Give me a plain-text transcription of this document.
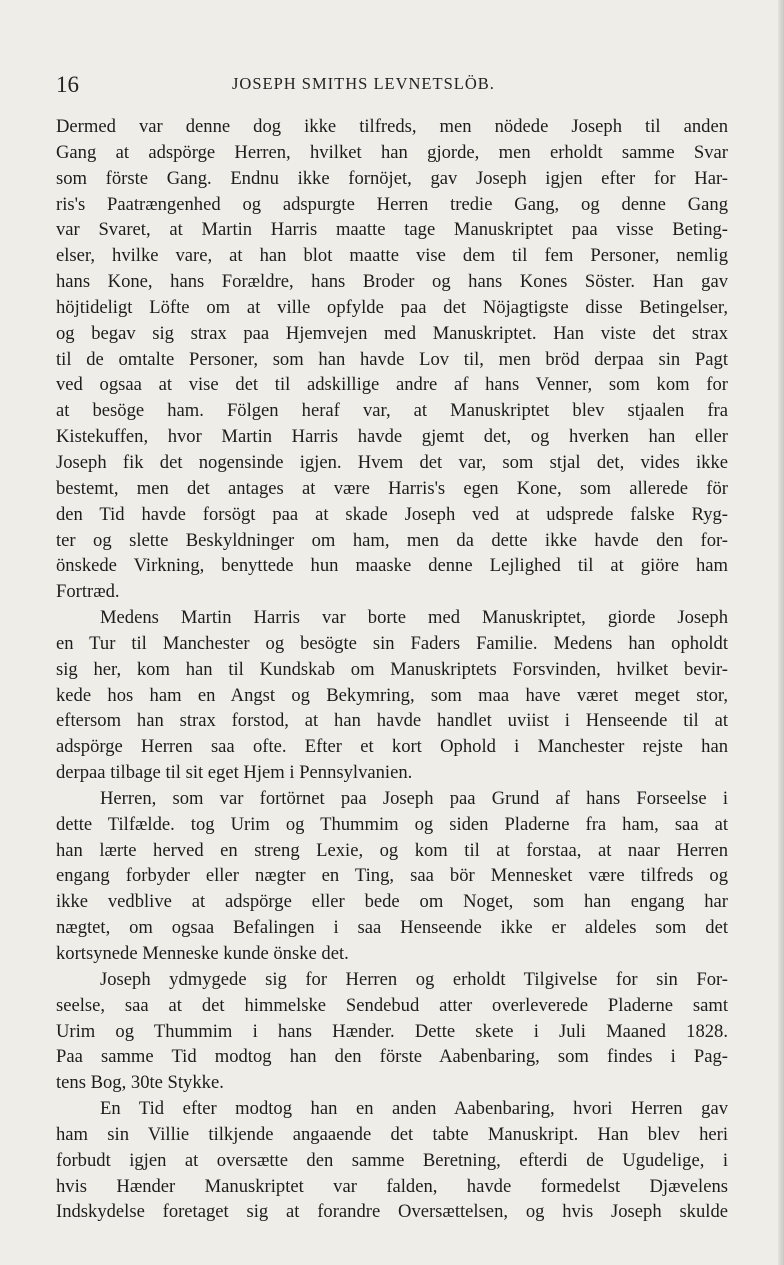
16	JOSEPH SMITHS LEVNETSLÖB.
Dermed var denne dog ikke tilfreds, men nödede Joseph til anden
Gang at adspörge Herren, hvilket han gjorde, men erholdt samme Svar
som förste Gang. Endnu ikke fornöjet, gav Joseph igjen efter for Har-
ris's Paatrængenhed og adspurgte Herren tredie Gang, og denne Gang
var Svaret, at Martin Harris maatte tage Manuskriptet paa visse Beting-
elser, hvilke vare, at han blot maatte vise dem til fem Personer, nemlig
hans Kone, hans Forældre, hans Broder og hans Kones Söster. Han gav
höjtideligt Löfte om at ville opfylde paa det Nöjagtigste disse Betingelser,
og begav sig strax paa Hjemvejen med Manuskriptet. Han viste det strax
til de omtalte Personer, som han havde Lov til, men bröd derpaa sin Pagt
ved ogsaa at vise det til adskillige andre af hans Venner, som kom for
at besöge ham. Fölgen heraf var, at Manuskriptet blev stjaalen fra
Kistekuffen, hvor Martin Harris havde gjemt det, og hverken han eller
Joseph fik det nogensinde igjen. Hvem det var, som stjal det, vides ikke
bestemt, men det antages at være Harris's egen Kone, som allerede för
den Tid havde forsögt paa at skade Joseph ved at udsprede falske Ryg-
ter og slette Beskyldninger om ham, men da dette ikke havde den for-
önskede Virkning, benyttede hun maaske denne Lejlighed til at giöre ham
Fortræd.
Medens Martin Harris var borte med Manuskriptet, giorde Joseph
en Tur til Manchester og besögte sin Faders Familie. Medens han opholdt
sig her, kom han til Kundskab om Manuskriptets Forsvinden, hvilket bevir-
kede hos ham en Angst og Bekymring, som maa have været meget stor,
eftersom han strax forstod, at han havde handlet uviist i Henseende til at
adspörge Herren saa ofte. Efter et kort Ophold i Manchester rejste han
derpaa tilbage til sit eget Hjem i Pennsylvanien.
Herren, som var fortörnet paa Joseph paa Grund af hans Forseelse i
dette Tilfælde. tog Urim og Thummim og siden Pladerne fra ham, saa at
han lærte herved en streng Lexie, og kom til at forstaa, at naar Herren
engang forbyder eller nægter en Ting, saa bör Mennesket være tilfreds og
ikke vedblive at adspörge eller bede om Noget, som han engang har
nægtet, om ogsaa Befalingen i saa Henseende ikke er aldeles som det
kortsynede Menneske kunde önske det.
Joseph ydmygede sig for Herren og erholdt Tilgivelse for sin For-
seelse, saa at det himmelske Sendebud atter overleverede Pladerne samt
Urim og Thummim i hans Hænder. Dette skete i Juli Maaned 1828.
Paa samme Tid modtog han den förste Aabenbaring, som findes i Pag-
tens Bog, 30te Stykke.
En Tid efter modtog han en anden Aabenbaring, hvori Herren gav
ham sin Villie tilkjende angaaende det tabte Manuskript. Han blev heri
forbudt igjen at oversætte den samme Beretning, efterdi de Ugudelige, i
hvis Hænder Manuskriptet var falden, havde formedelst Djævelens
Indskydelse foretaget sig at forandre Oversættelsen, og hvis Joseph skulde
